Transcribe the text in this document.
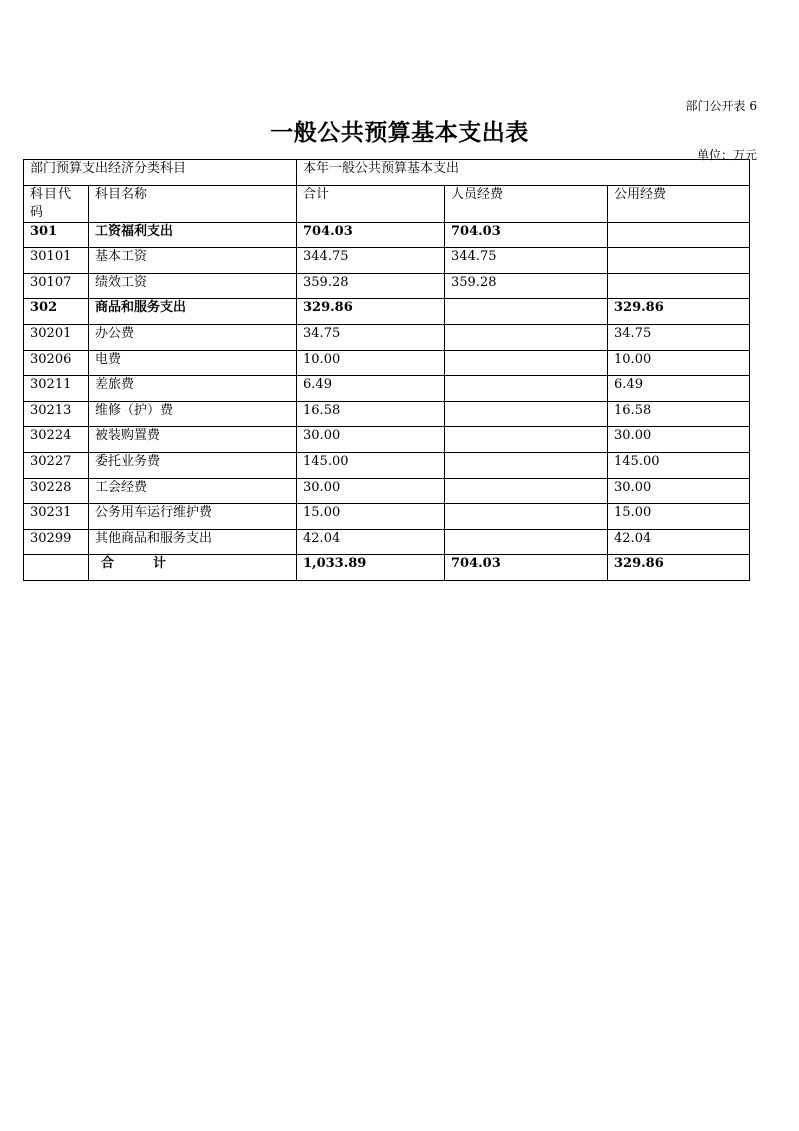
部门公开表 6
一般公共预算基本支出表
单位：万元
部门预算支出经济分类科目		本年一般公共预算基本支出		
科目代码	科目名称	合计	人员经费	公用经费
301	工资福利支出	704.03	704.03	
30101	基本工资	344.75	344.75	
30107	绩效工资	359.28	359.28	
302	商品和服务支出	329.86		329.86
30201	办公费	34.75		34.75
30206	电费	10.00		10.00
30211	差旅费	6.49		6.49
30213	维修（护）费	16.58		16.58
30224	被装购置费	30.00		30.00
30227	委托业务费	145.00		145.00
30228	工会经费	30.00		30.00
30231	公务用车运行维护费	15.00		15.00
30299	其他商品和服务支出	42.04		42.04
	合　　　计	1,033.89	704.03	329.86
